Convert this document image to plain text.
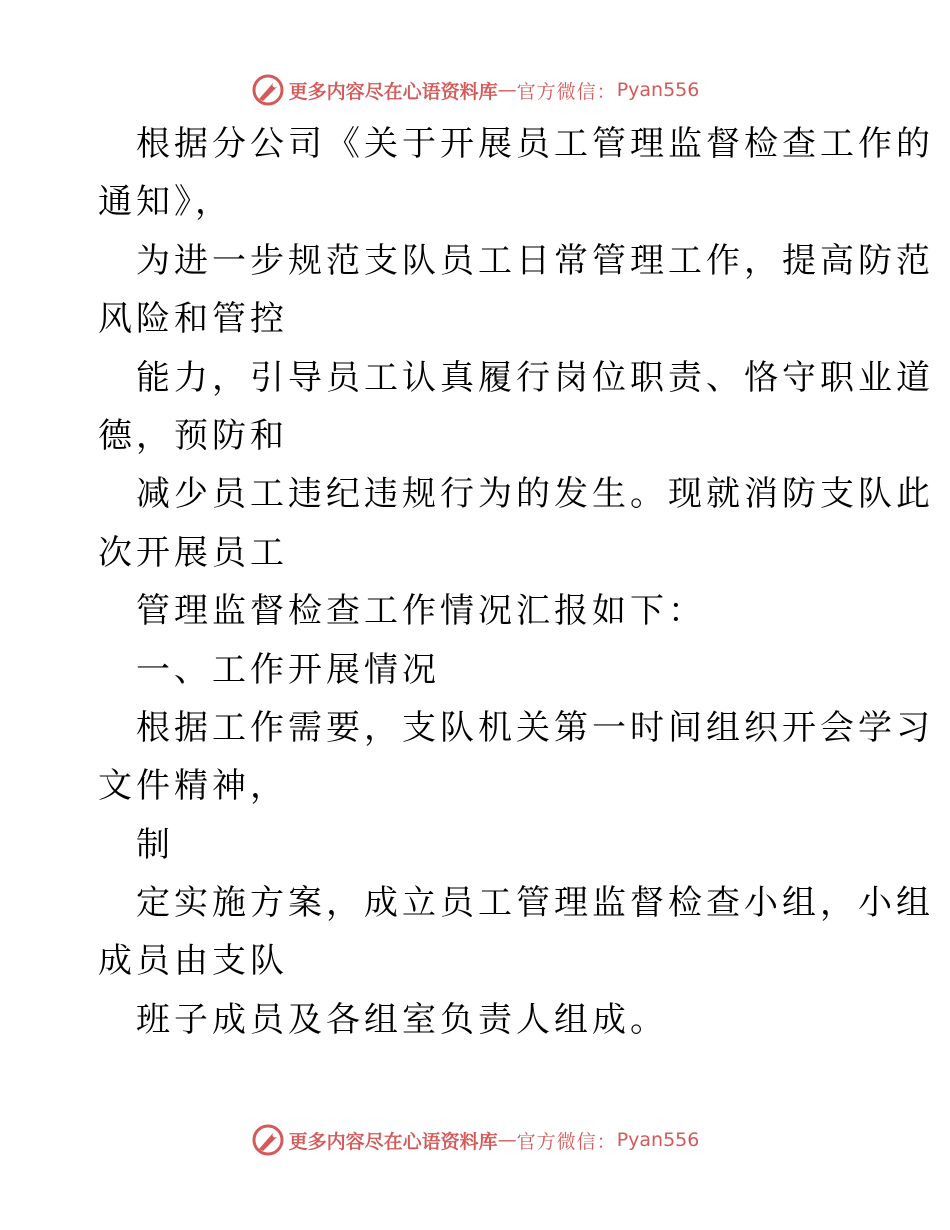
更多内容尽在心语资料库 — 官方微信： Pyan556
根据分公司《关于开展员工管理监督检查工作的
通知》，
为进一步规范支队员工日常管理工作，提高防范
风险和管控
能力，引导员工认真履行岗位职责、恪守职业道
德，预防和
减少员工违纪违规行为的发生。现就消防支队此
次开展员工
管理监督检查工作情况汇报如下：
一、工作开展情况
根据工作需要，支队机关第一时间组织开会学习
文件精神，
制
定实施方案，成立员工管理监督检查小组，小组
成员由支队
班子成员及各组室负责人组成。
更多内容尽在心语资料库 — 官方微信： Pyan556
